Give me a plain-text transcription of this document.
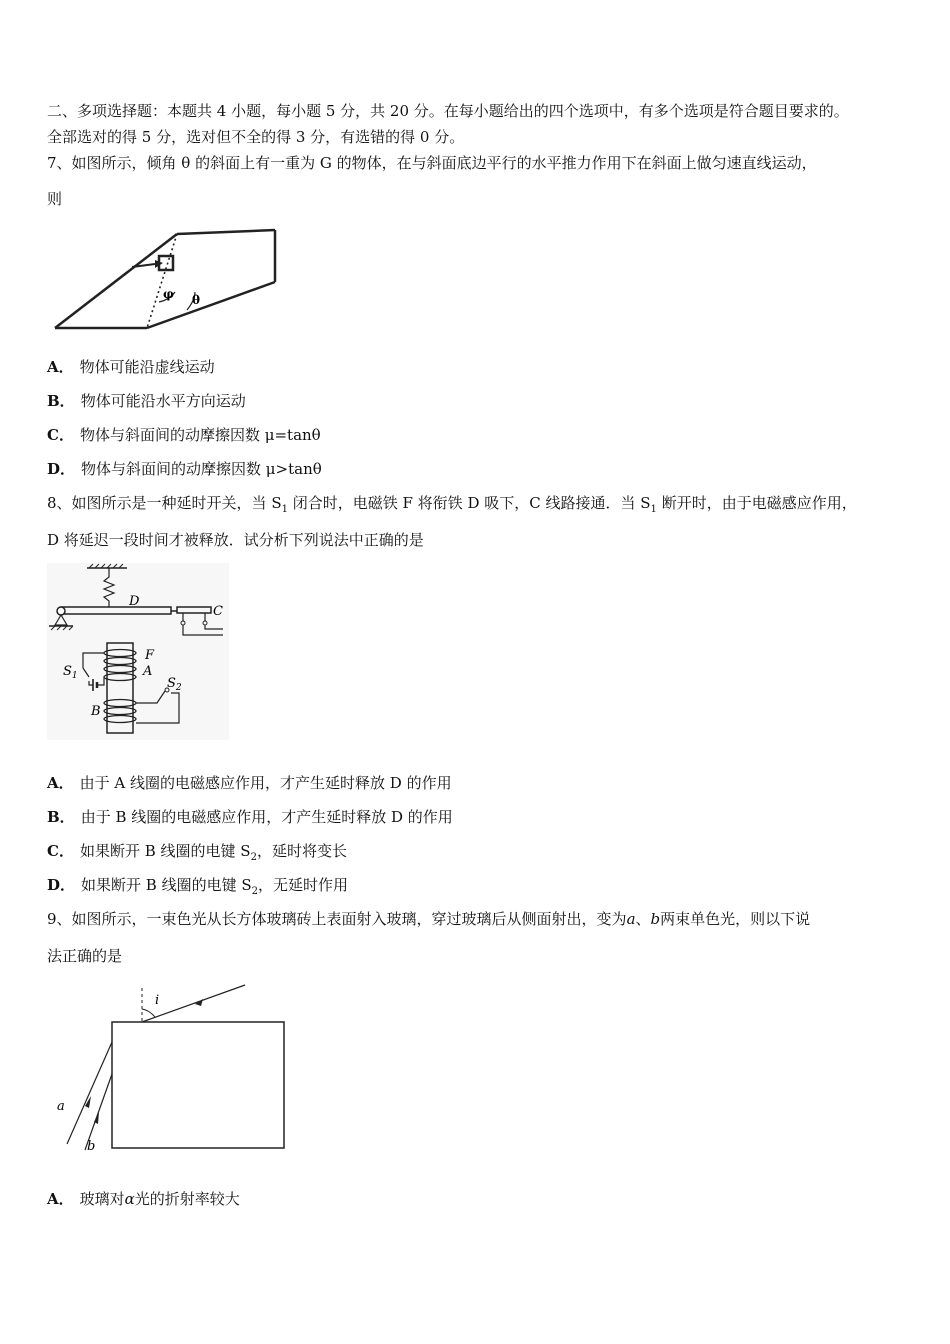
二、多项选择题：本题共 4 小题，每小题 5 分，共 20 分。在每小题给出的四个选项中，有多个选项是符合题目要求的。
全部选对的得 5 分，选对但不全的得 3 分，有选错的得 0 分。
7、如图所示，倾角 θ 的斜面上有一重为 G 的物体，在与斜面底边平行的水平推力作用下在斜面上做匀速直线运动，
则
φ θ
A． 物体可能沿虚线运动
B． 物体可能沿水平方向运动
C． 物体与斜面间的动摩擦因数 μ=tanθ
D． 物体与斜面间的动摩擦因数 μ>tanθ
8、如图所示是一种延时开关，当 $S_1$ 闭合时，电磁铁 F 将衔铁 D 吸下，C 线路接通．当 $S_1$ 断开时，由于电磁感应作用，
D 将延迟一段时间才被释放．试分析下列说法中正确的是
D
C
F
A
$S_1$	$S_2$
B
A． 由于 A 线圈的电磁感应作用，才产生延时释放 D 的作用
B． 由于 B 线圈的电磁感应作用，才产生延时释放 D 的作用
C． 如果断开 B 线圈的电键 $S_2$，延时将变长
D． 如果断开 B 线圈的电键 $S_2$，无延时作用
9、如图所示，一束色光从长方体玻璃砖上表面射入玻璃，穿过玻璃后从侧面射出，变为a、b两束单色光，则以下说
法正确的是
i
a
b
A． 玻璃对α光的折射率较大
